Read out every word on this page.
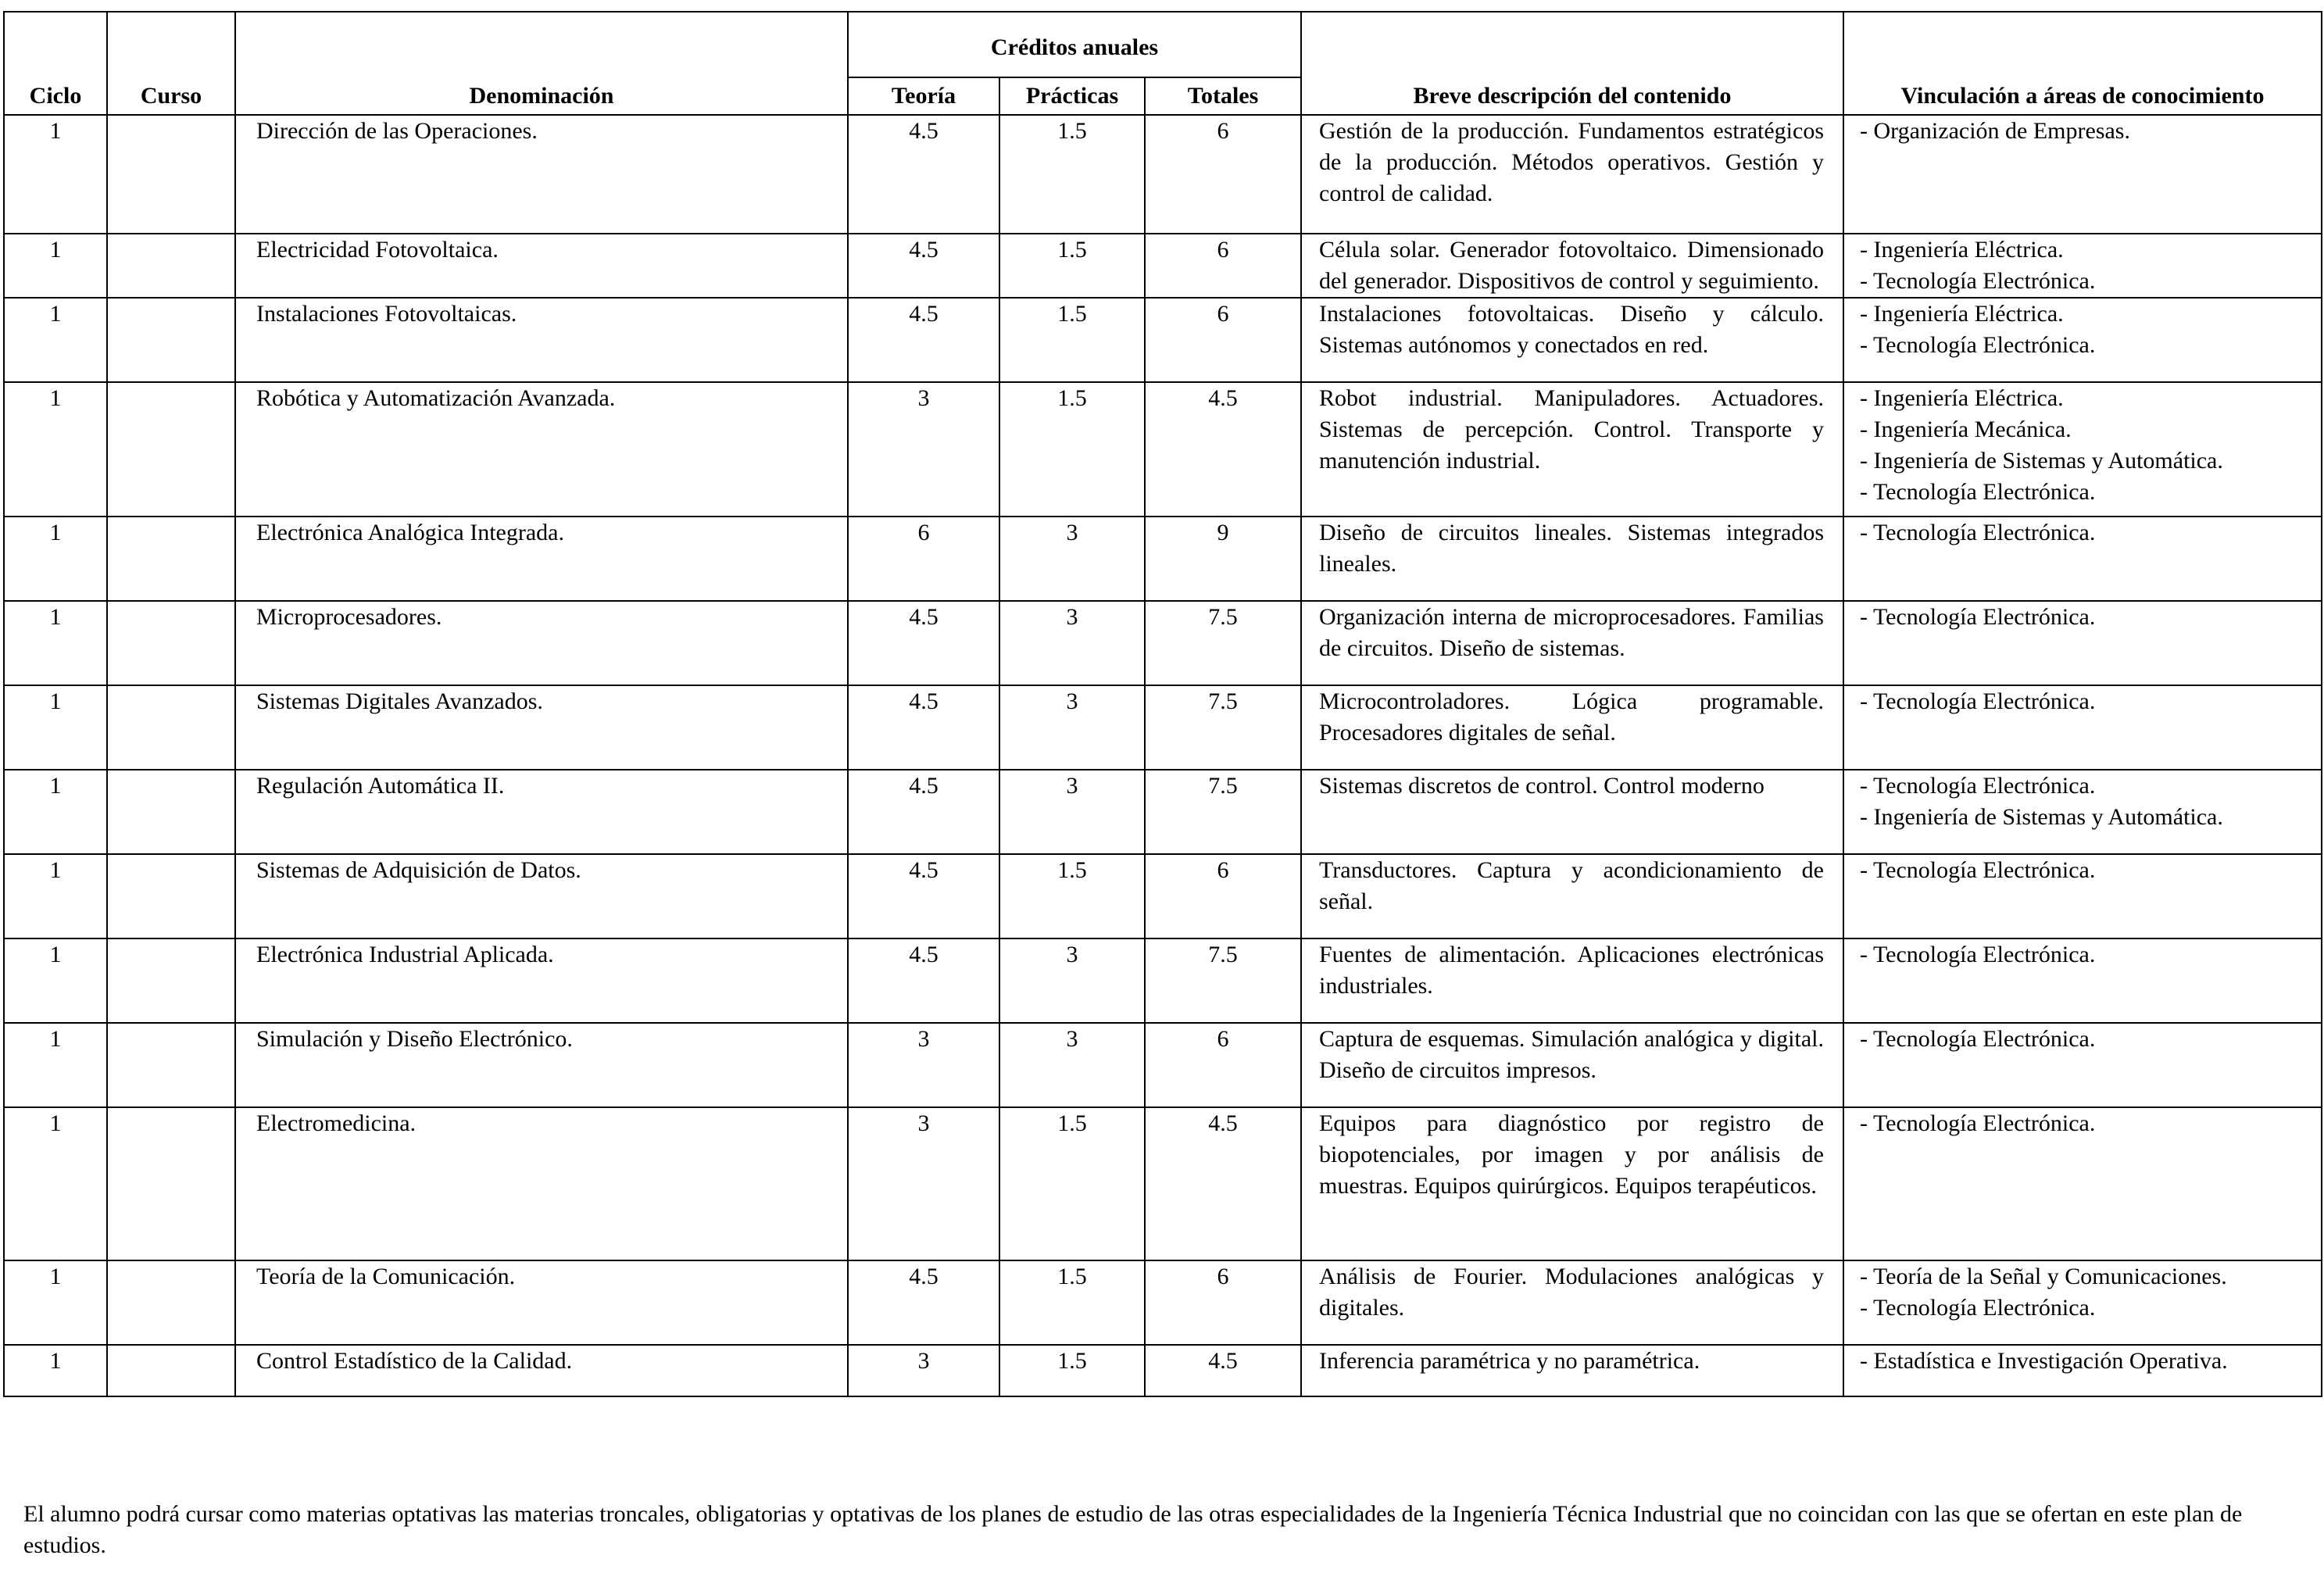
Ciclo	Curso	Denominación	Créditos anuales			Breve descripción del contenido	Vinculación a áreas de conocimiento
			Teoría	Prácticas	Totales		
1		Dirección de las Operaciones.	4.5	1.5	6	Gestión de la producción. Fundamentos estratégicos de la producción. Métodos operativos. Gestión y control de calidad.	- Organización de Empresas.

1		Electricidad Fotovoltaica.	4.5	1.5	6	Célula solar. Generador fotovoltaico. Dimensionado del generador. Dispositivos de control y seguimiento.	- Ingeniería Eléctrica.
- Tecnología Electrónica.

1		Instalaciones Fotovoltaicas.	4.5	1.5	6	Instalaciones fotovoltaicas. Diseño y cálculo. Sistemas autónomos y conectados en red.	- Ingeniería Eléctrica.
- Tecnología Electrónica.

1		Robótica y Automatización Avanzada.	3	1.5	4.5	Robot industrial. Manipuladores. Actuadores. Sistemas de percepción. Control. Transporte y manutención industrial.	- Ingeniería Eléctrica.
- Ingeniería Mecánica.
- Ingeniería de Sistemas y Automática.
- Tecnología Electrónica.

1		Electrónica Analógica Integrada.	6	3	9	Diseño de circuitos lineales. Sistemas integrados lineales.	- Tecnología Electrónica.

1		Microprocesadores.	4.5	3	7.5	Organización interna de microprocesadores. Familias de circuitos. Diseño de sistemas.	- Tecnología Electrónica.

1		Sistemas Digitales Avanzados.	4.5	3	7.5	Microcontroladores. Lógica programable. Procesadores digitales de señal.	- Tecnología Electrónica.

1		Regulación Automática II.	4.5	3	7.5	Sistemas discretos de control. Control moderno	- Tecnología Electrónica.
- Ingeniería de Sistemas y Automática.

1		Sistemas de Adquisición de Datos.	4.5	1.5	6	Transductores. Captura y acondicionamiento de señal.	- Tecnología Electrónica.

1		Electrónica Industrial Aplicada.	4.5	3	7.5	Fuentes de alimentación. Aplicaciones electrónicas industriales.	- Tecnología Electrónica.

1		Simulación y Diseño Electrónico.	3	3	6	Captura de esquemas. Simulación analógica y digital. Diseño de circuitos impresos.	- Tecnología Electrónica.

1		Electromedicina.	3	1.5	4.5	Equipos para diagnóstico por registro de biopotenciales, por imagen y por análisis de muestras. Equipos quirúrgicos. Equipos terapéuticos.	- Tecnología Electrónica.

1		Teoría de la Comunicación.	4.5	1.5	6	Análisis de Fourier. Modulaciones analógicas y digitales.	- Teoría de la Señal y Comunicaciones.
- Tecnología Electrónica.

1		Control Estadístico de la Calidad.	3	1.5	4.5	Inferencia paramétrica y no paramétrica.	- Estadística e Investigación Operativa.
El alumno podrá cursar como materias optativas las materias troncales, obligatorias y optativas de los planes de estudio de las otras especialidades de la Ingeniería Técnica Industrial que no coincidan con las que se ofertan en este plan de estudios.
